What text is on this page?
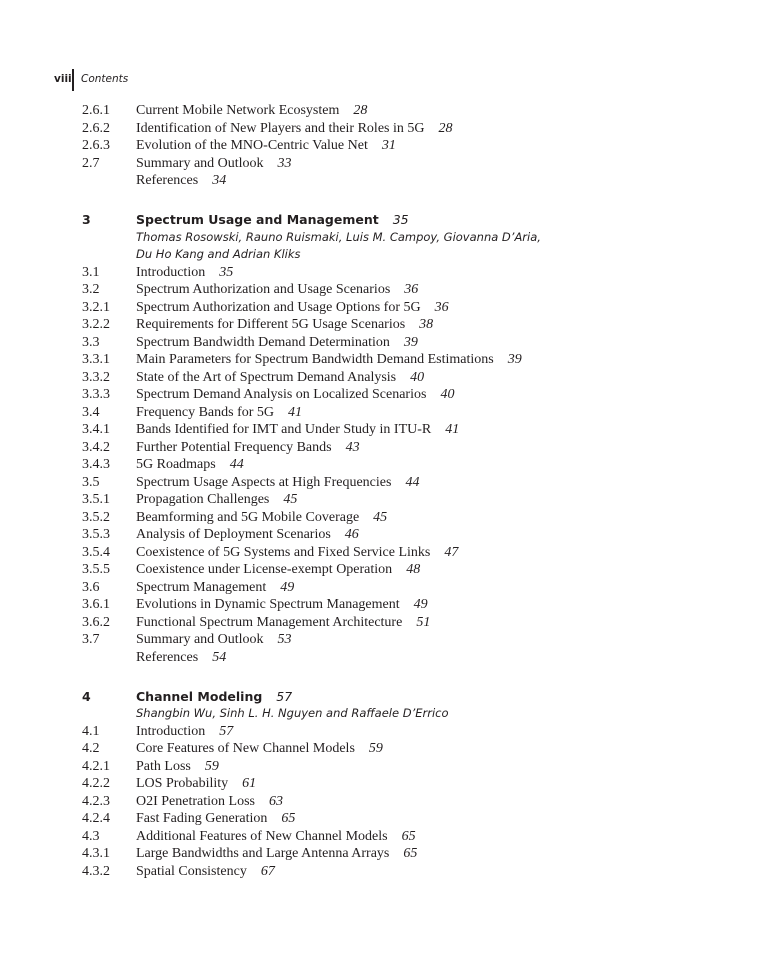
viii Contents
2.6.1 Current Mobile Network Ecosystem 28
2.6.2 Identification of New Players and their Roles in 5G 28
2.6.3 Evolution of the MNO-Centric Value Net 31
2.7	Summary and Outlook 33
References 34
3	Spectrum Usage and Management 35
Thomas Rosowski, Rauno Ruismaki, Luis M. Campoy, Giovanna D’Aria,
Du Ho Kang and Adrian Kliks
3.1	Introduction 35
3.2	Spectrum Authorization and Usage Scenarios 36
3.2.1 Spectrum Authorization and Usage Options for 5G 36
3.2.2 Requirements for Different 5G Usage Scenarios 38
3.3	Spectrum Bandwidth Demand Determination 39
3.3.1 Main Parameters for Spectrum Bandwidth Demand Estimations 39
3.3.2 State of the Art of Spectrum Demand Analysis 40
3.3.3 Spectrum Demand Analysis on Localized Scenarios 40
3.4	Frequency Bands for 5G 41
3.4.1 Bands Identified for IMT and Under Study in ITU-R 41
3.4.2 Further Potential Frequency Bands 43
3.4.3 5G Roadmaps 44
3.5	Spectrum Usage Aspects at High Frequencies 44
3.5.1 Propagation Challenges 45
3.5.2 Beamforming and 5G Mobile Coverage 45
3.5.3 Analysis of Deployment Scenarios 46
3.5.4 Coexistence of 5G Systems and Fixed Service Links 47
3.5.5 Coexistence under License-exempt Operation 48
3.6	Spectrum Management 49
3.6.1 Evolutions in Dynamic Spectrum Management 49
3.6.2 Functional Spectrum Management Architecture 51
3.7	Summary and Outlook 53
References 54
4	Channel Modeling 57
Shangbin Wu, Sinh L. H. Nguyen and Raffaele D’Errico
4.1	Introduction 57
4.2	Core Features of New Channel Models 59
4.2.1 Path Loss 59
4.2.2 LOS Probability 61
4.2.3 O2I Penetration Loss 63
4.2.4 Fast Fading Generation 65
4.3	Additional Features of New Channel Models 65
4.3.1 Large Bandwidths and Large Antenna Arrays 65
4.3.2 Spatial Consistency 67
